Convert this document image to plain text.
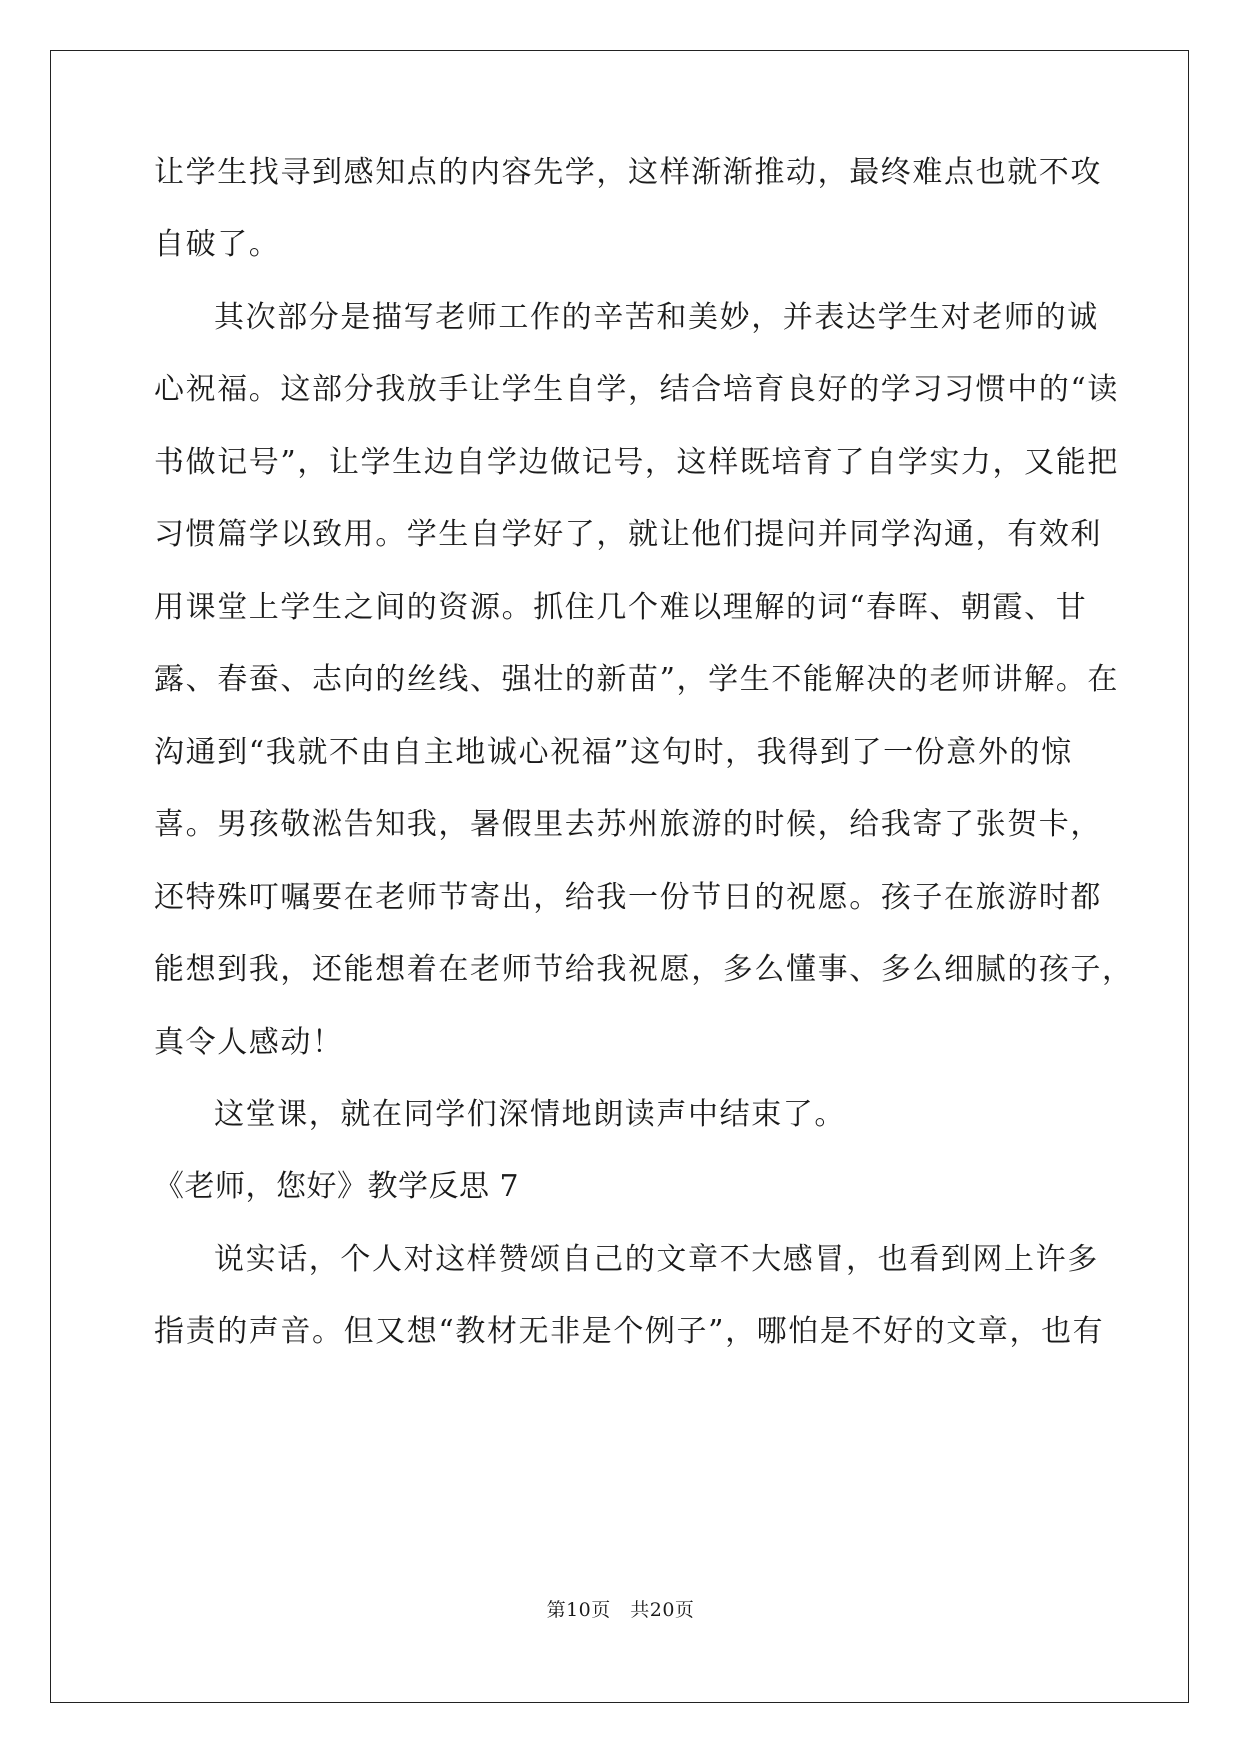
让学生找寻到感知点的内容先学，这样渐渐推动，最终难点也就不攻
自破了。
其次部分是描写老师工作的辛苦和美妙，并表达学生对老师的诚
心祝福。这部分我放手让学生自学，结合培育良好的学习习惯中的“读
书做记号”，让学生边自学边做记号，这样既培育了自学实力，又能把
习惯篇学以致用。学生自学好了，就让他们提问并同学沟通，有效利
用课堂上学生之间的资源。抓住几个难以理解的词“春晖、朝霞、甘
露、春蚕、志向的丝线、强壮的新苗”，学生不能解决的老师讲解。在
沟通到“我就不由自主地诚心祝福”这句时，我得到了一份意外的惊
喜。男孩敬淞告知我，暑假里去苏州旅游的时候，给我寄了张贺卡，
还特殊叮嘱要在老师节寄出，给我一份节日的祝愿。孩子在旅游时都
能想到我，还能想着在老师节给我祝愿，多么懂事、多么细腻的孩子，
真令人感动！
这堂课，就在同学们深情地朗读声中结束了。
《老师，您好》教学反思 7
说实话，个人对这样赞颂自己的文章不大感冒，也看到网上许多
指责的声音。但又想“教材无非是个例子”，哪怕是不好的文章，也有
第10页　共20页
